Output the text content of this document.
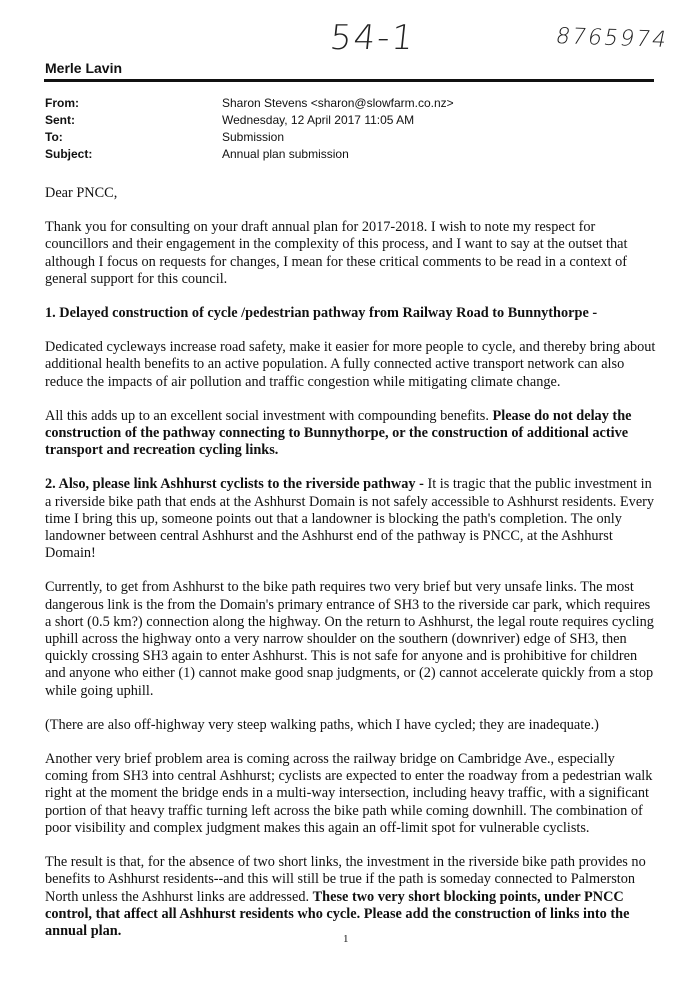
54-1	8765974
Merle Lavin
From:	Sharon Stevens <sharon@slowfarm.co.nz>
Sent:	Wednesday, 12 April 2017 11:05 AM
To:	Submission
Subject:	Annual plan submission

Dear PNCC,

Thank you for consulting on your draft annual plan for 2017-2018. I wish to note my respect for councillors and their engagement in the complexity of this process, and I want to say at the outset that although I focus on requests for changes, I mean for these critical comments to be read in a context of general support for this council.

1. Delayed construction of cycle /pedestrian pathway from Railway Road to Bunnythorpe -

Dedicated cycleways increase road safety, make it easier for more people to cycle, and thereby bring about additional health benefits to an active population. A fully connected active transport network can also reduce the impacts of air pollution and traffic congestion while mitigating climate change.

All this adds up to an excellent social investment with compounding benefits. Please do not delay the construction of the pathway connecting to Bunnythorpe, or the construction of additional active transport and recreation cycling links.

2. Also, please link Ashhurst cyclists to the riverside pathway - It is tragic that the public investment in a riverside bike path that ends at the Ashhurst Domain is not safely accessible to Ashhurst residents. Every time I bring this up, someone points out that a landowner is blocking the path's completion. The only landowner between central Ashhurst and the Ashhurst end of the pathway is PNCC, at the Ashhurst Domain!

Currently, to get from Ashhurst to the bike path requires two very brief but very unsafe links. The most dangerous link is the from the Domain's primary entrance of SH3 to the riverside car park, which requires a short (0.5 km?) connection along the highway. On the return to Ashhurst, the legal route requires cycling uphill across the highway onto a very narrow shoulder on the southern (downriver) edge of SH3, then quickly crossing SH3 again to enter Ashhurst. This is not safe for anyone and is prohibitive for children and anyone who either (1) cannot make good snap judgments, or (2) cannot accelerate quickly from a stop while going uphill.

(There are also off-highway very steep walking paths, which I have cycled; they are inadequate.)

Another very brief problem area is coming across the railway bridge on Cambridge Ave., especially coming from SH3 into central Ashhurst; cyclists are expected to enter the roadway from a pedestrian walk right at the moment the bridge ends in a multi-way intersection, including heavy traffic, with a significant portion of that heavy traffic turning left across the bike path while coming downhill. The combination of poor visibility and complex judgment makes this again an off-limit spot for vulnerable cyclists.

The result is that, for the absence of two short links, the investment in the riverside bike path provides no benefits to Ashhurst residents--and this will still be true if the path is someday connected to Palmerston North unless the Ashhurst links are addressed. These two very short blocking points, under PNCC control, that affect all Ashhurst residents who cycle. Please add the construction of links into the annual plan.

1
